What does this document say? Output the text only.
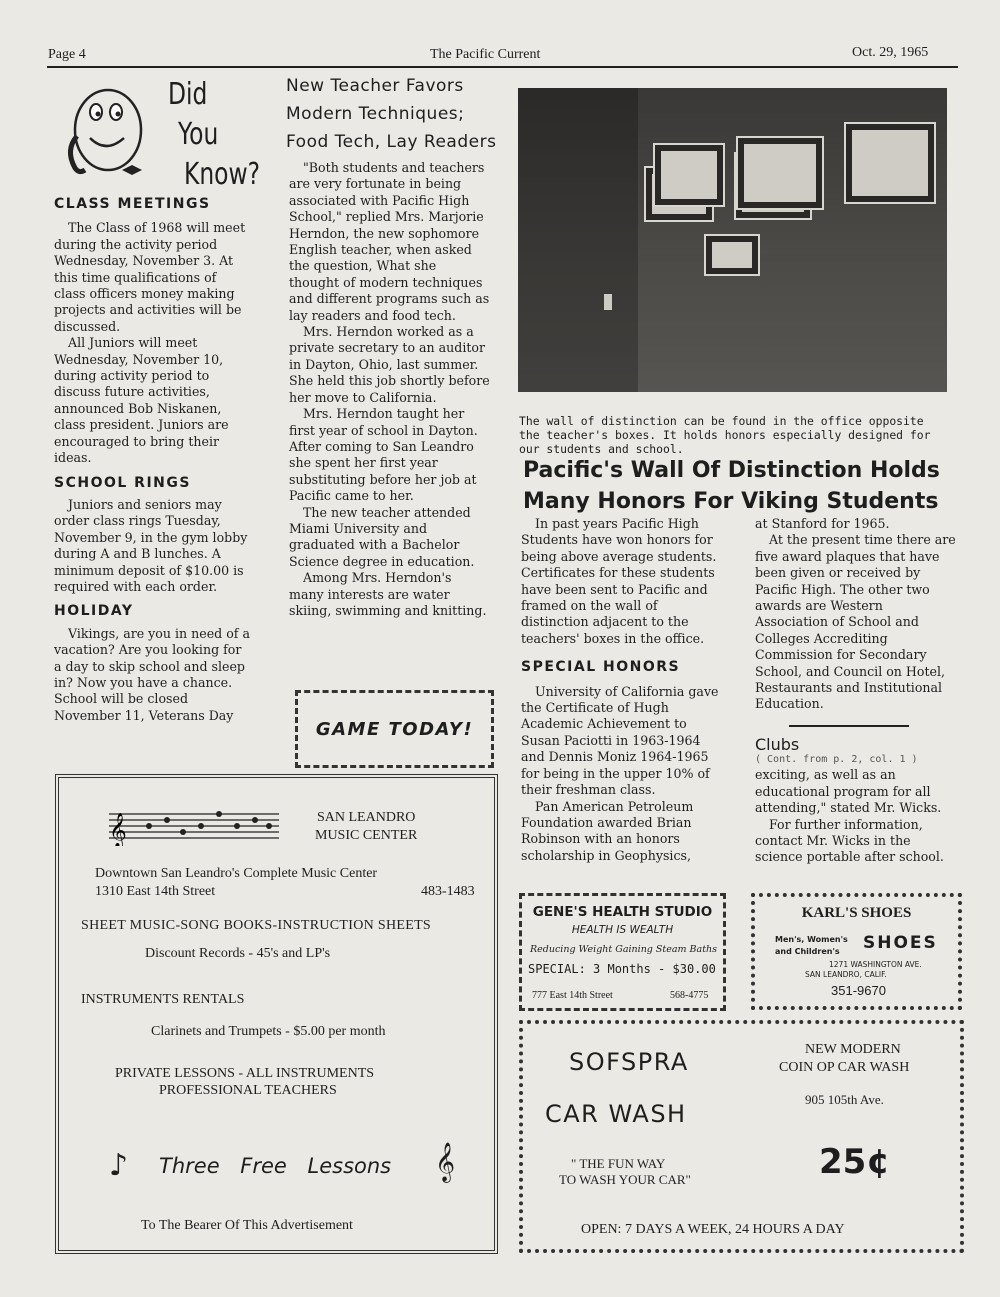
Page 4	The Pacific Current	Oct. 29, 1965
Did
You
Know?
CLASS MEETINGS

The Class of 1968 will meet during the activity period Wednesday, November 3. At this time qualifications of class officers money making projects and activities will be discussed.

All Juniors will meet Wednesday, November 10, during activity period to discuss future activities, announced Bob Niskanen, class president. Juniors are encouraged to bring their ideas.

SCHOOL RINGS

Juniors and seniors may order class rings Tuesday, November 9, in the gym lobby during A and B lunches. A minimum deposit of $10.00 is required with each order.

HOLIDAY

Vikings, are you in need of a vacation? Are you looking for a day to skip school and sleep in? Now you have a chance. School will be closed November 11, Veterans Day

New Teacher Favors
Modern Techniques;
Food Tech, Lay Readers

"Both students and teachers are very fortunate in being associated with Pacific High School," replied Mrs. Marjorie Herndon, the new sophomore English teacher, when asked the question, What she thought of modern techniques and different programs such as lay readers and food tech.

Mrs. Herndon worked as a private secretary to an auditor in Dayton, Ohio, last summer. She held this job shortly before her move to California.

Mrs. Herndon taught her first year of school in Dayton. After coming to San Leandro she spent her first year substituting before her job at Pacific came to her.

The new teacher attended Miami University and graduated with a Bachelor Science degree in education.

Among Mrs. Herndon's many interests are water skiing, swimming and knitting.

GAME TODAY!
The wall of distinction can be found in the office opposite
the teacher's boxes. It holds honors especially designed for
our students and school.
Pacific's Wall Of Distinction Holds
Many Honors For Viking Students

In past years Pacific High Students have won honors for being above average students. Certificates for these students have been sent to Pacific and framed on the wall of distinction adjacent to the teachers' boxes in the office.

SPECIAL HONORS

University of California gave the Certificate of Hugh Academic Achievement to Susan Paciotti in 1963-1964 and Dennis Moniz 1964-1965 for being in the upper 10% of their freshman class.

Pan American Petroleum Foundation awarded Brian Robinson with an honors scholarship in Geophysics,

at Stanford for 1965.

At the present time there are five award plaques that have been given or received by Pacific High. The other two awards are Western Association of School and Colleges Accrediting Commission for Secondary School, and Council on Hotel, Restaurants and Institutional Education.

Clubs
( Cont. from p. 2, col. 1 )

exciting, as well as an educational program for all attending," stated Mr. Wicks.

For further information, contact Mr. Wicks in the science portable after school.

𝄞	SAN LEANDRO
MUSIC CENTER
Downtown San Leandro's Complete Music Center
1310 East 14th Street	483-1483
SHEET MUSIC-SONG BOOKS-INSTRUCTION SHEETS
Discount Records - 45's and LP's
INSTRUMENTS RENTALS
Clarinets and Trumpets - $5.00 per month
PRIVATE LESSONS - ALL INSTRUMENTS
PROFESSIONAL TEACHERS
♪ Three Free Lessons 𝄞
To The Bearer Of This Advertisement
GENE'S HEALTH STUDIO
HEALTH IS WEALTH
Reducing Weight Gaining Steam Baths
SPECIAL: 3 Months - $30.00
777 East 14th Street	568-4775
KARL'S SHOES
Men's, Women's
and Children's SHOES
1271 WASHINGTON AVE.
SAN LEANDRO, CALIF.
351-9670
SOFSPRA
CAR WASH
NEW MODERN
COIN OP CAR WASH
905 105th Ave.
" THE FUN WAY
TO WASH YOUR CAR"	25¢
OPEN: 7 DAYS A WEEK, 24 HOURS A DAY
